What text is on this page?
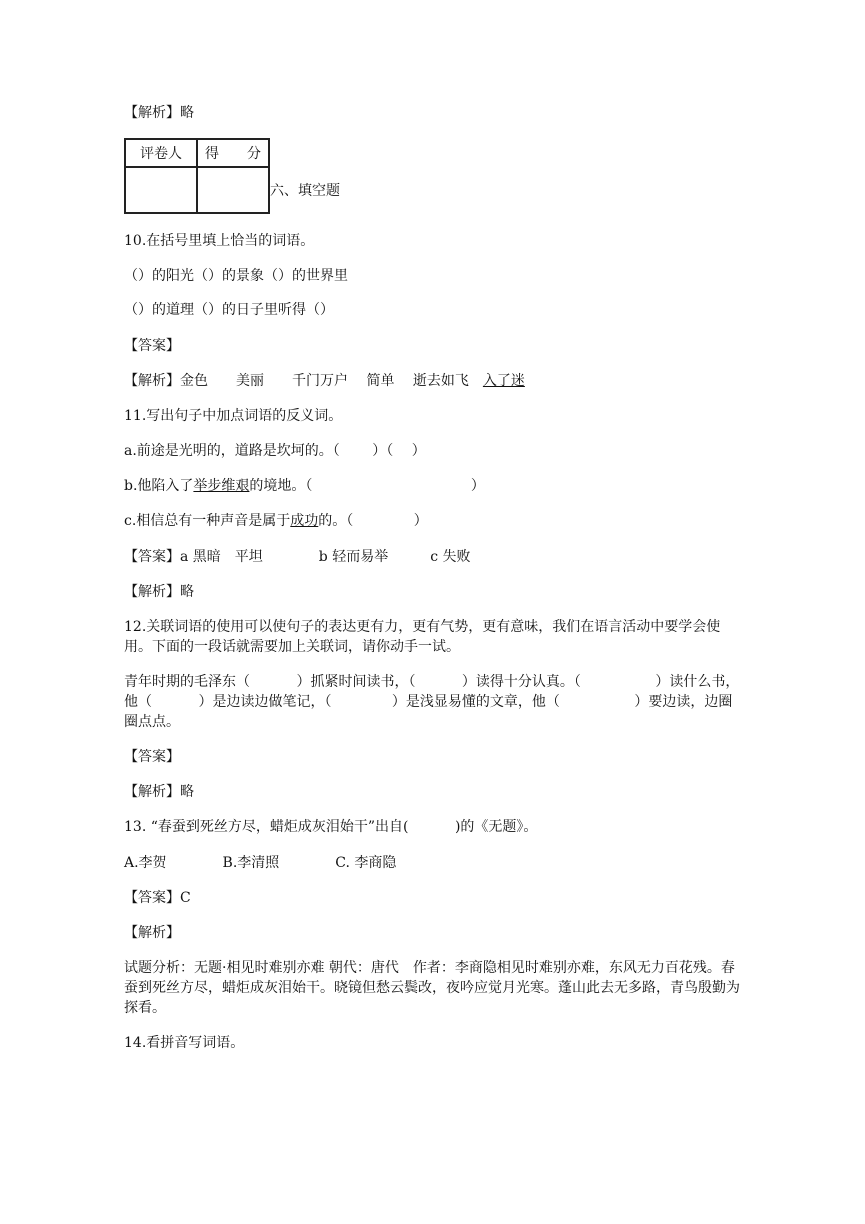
【解析】略

评卷人	得　　分

六、填空题

10.在括号里填上恰当的词语。

（）的阳光（）的景象（）的世界里

（）的道理（）的日子里听得（）

【答案】

【解析】金色　　美丽　　千门万户　 简单　 逝去如飞　入了迷

11.写出句子中加点词语的反义词。

a.前途是光明的，道路是坎坷的。（　　 ）（　 ）

b.他陷入了举步维艰的境地。（　　　　　　　　　　　 ）

c.相信总有一种声音是属于成功的。（　　　　 ）

【答案】a 黑暗　平坦　　　　b 轻而易举　　　c 失败

【解析】略

12.关联词语的使用可以使句子的表达更有力，更有气势，更有意味，我们在语言活动中要学会使用。下面的一段话就需要加上关联词，请你动手一试。

青年时期的毛泽东（　　　 ）抓紧时间读书，（　　　 ）读得十分认真。（　　　　　 ）读什么书，他（　　　 ）是边读边做笔记，（　　　　 ）是浅显易懂的文章，他（　　　　　 ）要边读，边圈圈点点。

【答案】

【解析】略

13. “春蚕到死丝方尽，蜡炬成灰泪始干”出自(　　　 )的《无题》。

A.李贺　　　　B.李清照　　　　C. 李商隐

【答案】C

【解析】

试题分析：无题·相见时难别亦难 朝代：唐代　作者：李商隐相见时难别亦难，东风无力百花残。春蚕到死丝方尽，蜡炬成灰泪始干。晓镜但愁云鬓改，夜吟应觉月光寒。蓬山此去无多路，青鸟殷勤为探看。

14.看拼音写词语。
